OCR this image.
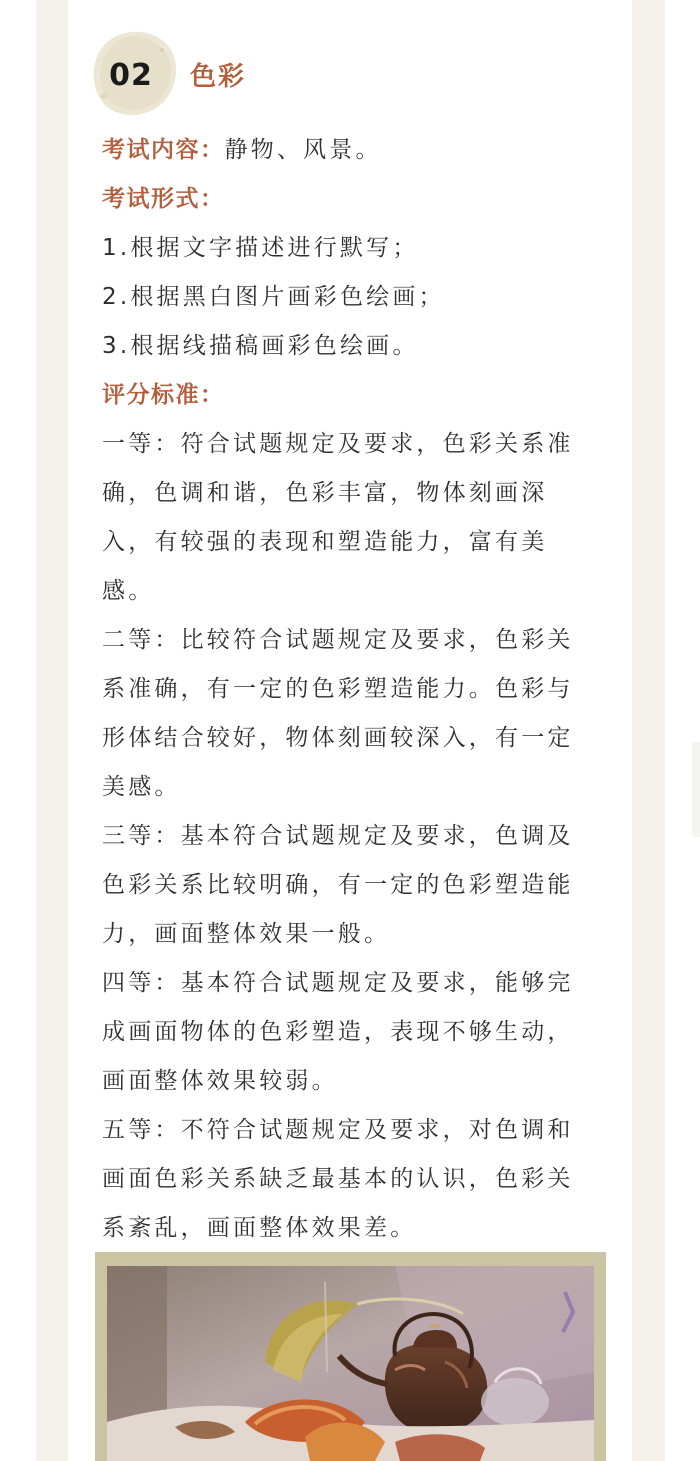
02	色彩
考试内容：静物、风景。
考试形式：
1.根据文字描述进行默写；
2.根据黑白图片画彩色绘画；
3.根据线描稿画彩色绘画。
评分标准：
一等：符合试题规定及要求，色彩关系准
确，色调和谐，色彩丰富，物体刻画深
入，有较强的表现和塑造能力，富有美
感。
二等：比较符合试题规定及要求，色彩关
系准确，有一定的色彩塑造能力。色彩与
形体结合较好，物体刻画较深入，有一定
美感。
三等：基本符合试题规定及要求，色调及
色彩关系比较明确，有一定的色彩塑造能
力，画面整体效果一般。
四等：基本符合试题规定及要求，能够完
成画面物体的色彩塑造，表现不够生动，
画面整体效果较弱。
五等：不符合试题规定及要求，对色调和
画面色彩关系缺乏最基本的认识，色彩关
系紊乱，画面整体效果差。
